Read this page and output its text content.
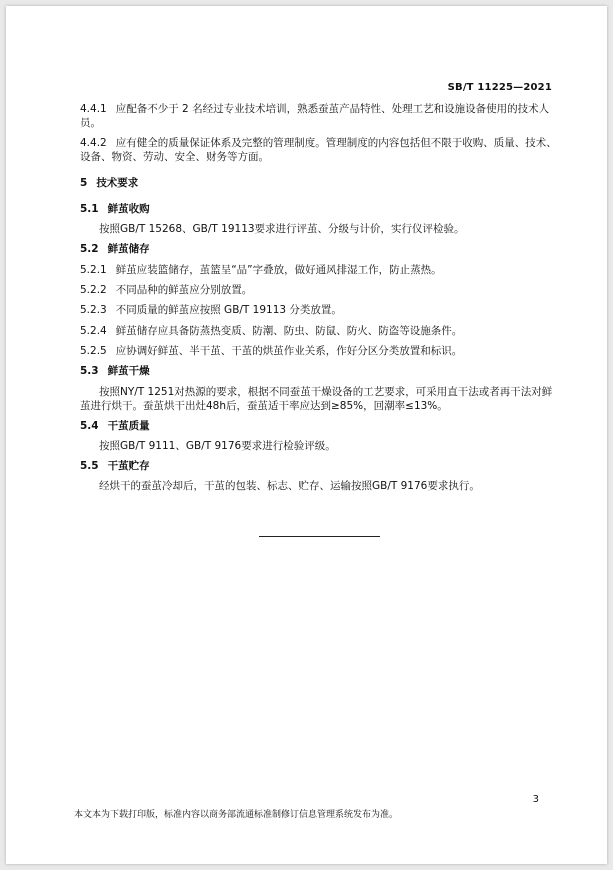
SB/T 11225—2021
4.4.1 应配备不少于 2 名经过专业技术培训，熟悉蚕茧产品特性、处理工艺和设施设备使用的技术人
员。
4.4.2 应有健全的质量保证体系及完整的管理制度。管理制度的内容包括但不限于收购、质量、技术、
设备、物资、劳动、安全、财务等方面。
5 技术要求
5.1 鲜茧收购
按照GB/T 15268、GB/T 19113要求进行评茧、分级与计价，实行仪评检验。
5.2 鲜茧储存
5.2.1 鲜茧应装篮储存，茧篮呈“品”字叠放，做好通风排湿工作，防止蒸热。
5.2.2 不同品种的鲜茧应分别放置。
5.2.3 不同质量的鲜茧应按照 GB/T 19113 分类放置。
5.2.4 鲜茧储存应具备防蒸热变质、防潮、防虫、防鼠、防火、防盗等设施条件。
5.2.5 应协调好鲜茧、半干茧、干茧的烘茧作业关系，作好分区分类放置和标识。
5.3 鲜茧干燥
按照NY/T 1251对热源的要求，根据不同蚕茧干燥设备的工艺要求，可采用直干法或者再干法对鲜
茧进行烘干。蚕茧烘干出灶48h后，蚕茧适干率应达到≥85%，回潮率≤13%。
5.4 干茧质量
按照GB/T 9111、GB/T 9176要求进行检验评级。
5.5 干茧贮存
经烘干的蚕茧冷却后，干茧的包装、标志、贮存、运输按照GB/T 9176要求执行。
3
本文本为下载打印版，标准内容以商务部流通标准制修订信息管理系统发布为准。
